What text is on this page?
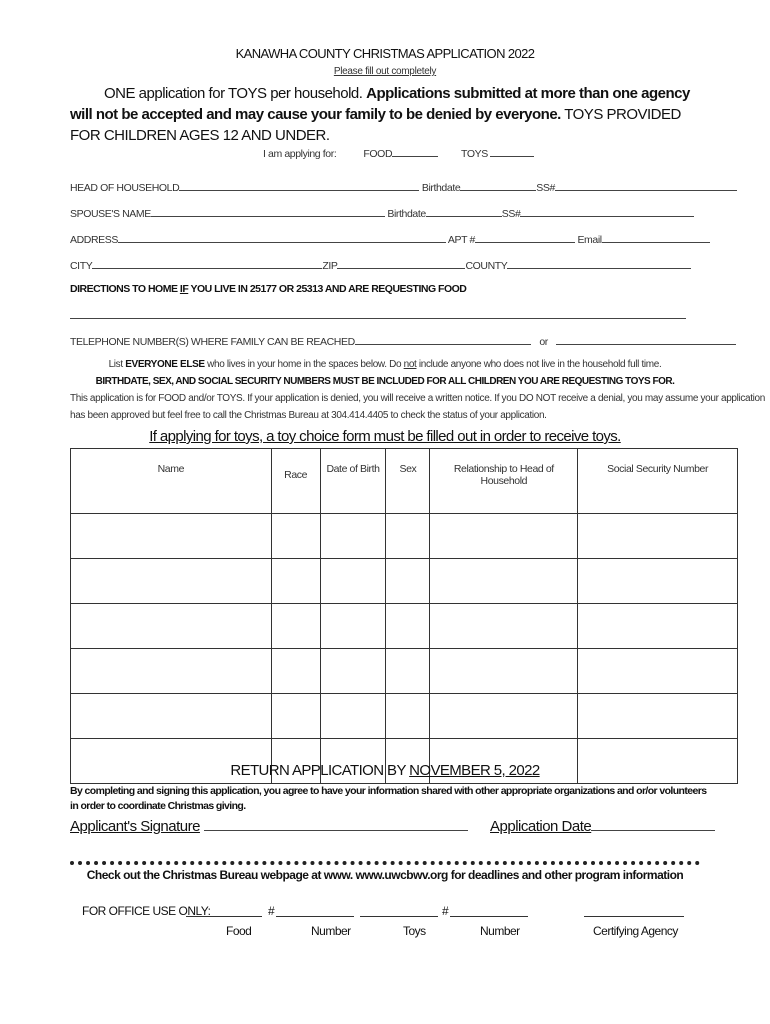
KANAWHA COUNTY CHRISTMAS APPLICATION 2022
Please fill out completely
ONE application for TOYS per household. Applications submitted at more than one agency will not be accepted and may cause your family to be denied by everyone. TOYS PROVIDED FOR CHILDREN AGES 12 AND UNDER.
I am applying for:	FOOD	TOYS
HEAD OF HOUSEHOLD	Birthdate	SS#
SPOUSE'S NAME	Birthdate	SS#
ADDRESS	APT #	Email
CITY	ZIP	COUNTY
DIRECTIONS TO HOME IF YOU LIVE IN 25177 OR 25313 AND ARE REQUESTING FOOD
TELEPHONE NUMBER(S) WHERE FAMILY CAN BE REACHED	or
List EVERYONE ELSE who lives in your home in the spaces below. Do not include anyone who does not live in the household full time.
BIRTHDATE, SEX, AND SOCIAL SECURITY NUMBERS MUST BE INCLUDED FOR ALL CHILDREN YOU ARE REQUESTING TOYS FOR.
This application is for FOOD and/or TOYS. If your application is denied, you will receive a written notice. If you DO NOT receive a denial, you may assume your application
has been approved but feel free to call the Christmas Bureau at 304.414.4405 to check the status of your application.
If applying for toys, a toy choice form must be filled out in order to receive toys.
Name	Race	Date of Birth	Sex	Relationship to Head of Household	Social Security Number

RETURN APPLICATION BY NOVEMBER 5, 2022
By completing and signing this application, you agree to have your information shared with other appropriate organizations and or/or volunteers in order to coordinate Christmas giving.
Applicant's Signature	Application Date
Check out the Christmas Bureau webpage at www. www.uwcbwv.org for deadlines and other program information
FOR OFFICE USE ONLY:	#	#
Food	Number	Toys	Number	Certifying Agency
